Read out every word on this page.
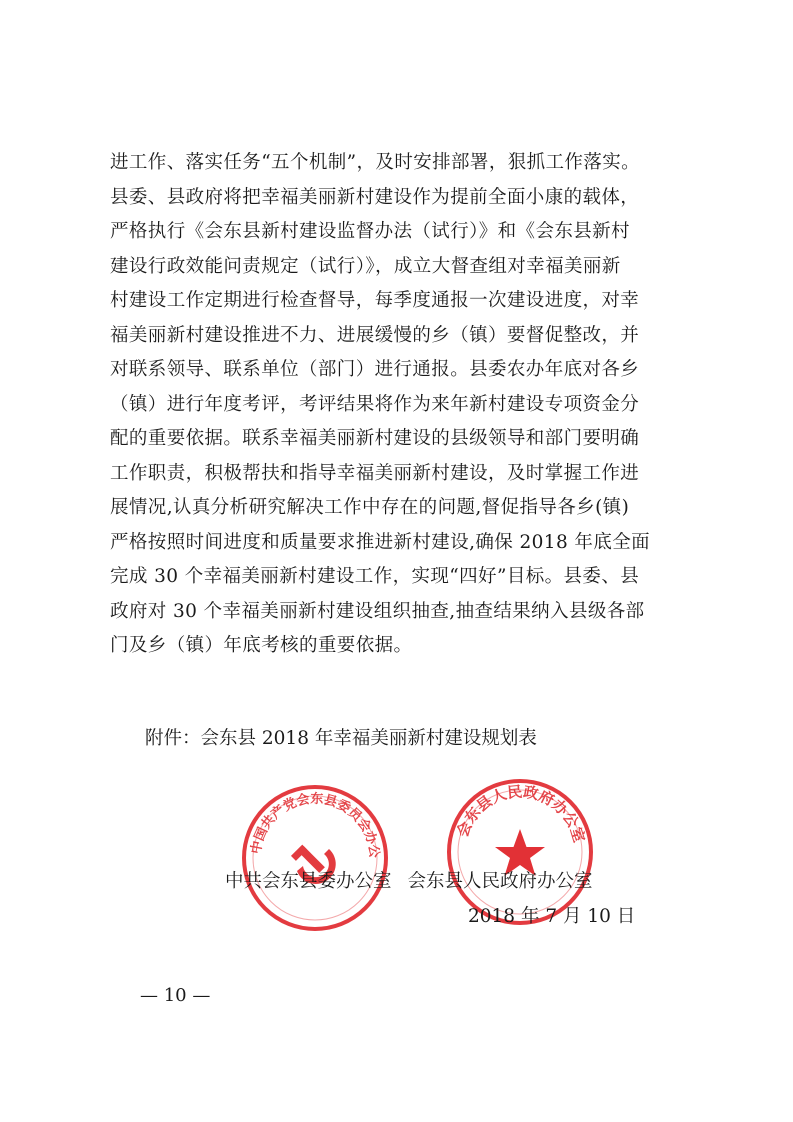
进工作、落实任务“五个机制”，及时安排部署，狠抓工作落实。
县委、县政府将把幸福美丽新村建设作为提前全面小康的载体，
严格执行《会东县新村建设监督办法（试行）》和《会东县新村
建设行政效能问责规定（试行）》，成立大督查组对幸福美丽新
村建设工作定期进行检查督导，每季度通报一次建设进度，对幸
福美丽新村建设推进不力、进展缓慢的乡（镇）要督促整改，并
对联系领导、联系单位（部门）进行通报。县委农办年底对各乡
（镇）进行年度考评，考评结果将作为来年新村建设专项资金分
配的重要依据。联系幸福美丽新村建设的县级领导和部门要明确
工作职责，积极帮扶和指导幸福美丽新村建设，及时掌握工作进
展情况,认真分析研究解决工作中存在的问题,督促指导各乡(镇)
严格按照时间进度和质量要求推进新村建设,确保 2018 年底全面
完成 30 个幸福美丽新村建设工作，实现“四好”目标。县委、县
政府对 30 个幸福美丽新村建设组织抽查,抽查结果纳入县级各部
门及乡（镇）年底考核的重要依据。
附件：会东县 2018 年幸福美丽新村建设规划表
中国共产党会东县委员会办公
会东县人民政府办公室
中共会东县委办公室 会东县人民政府办公室
2018 年 7 月 10 日
— 10 —
